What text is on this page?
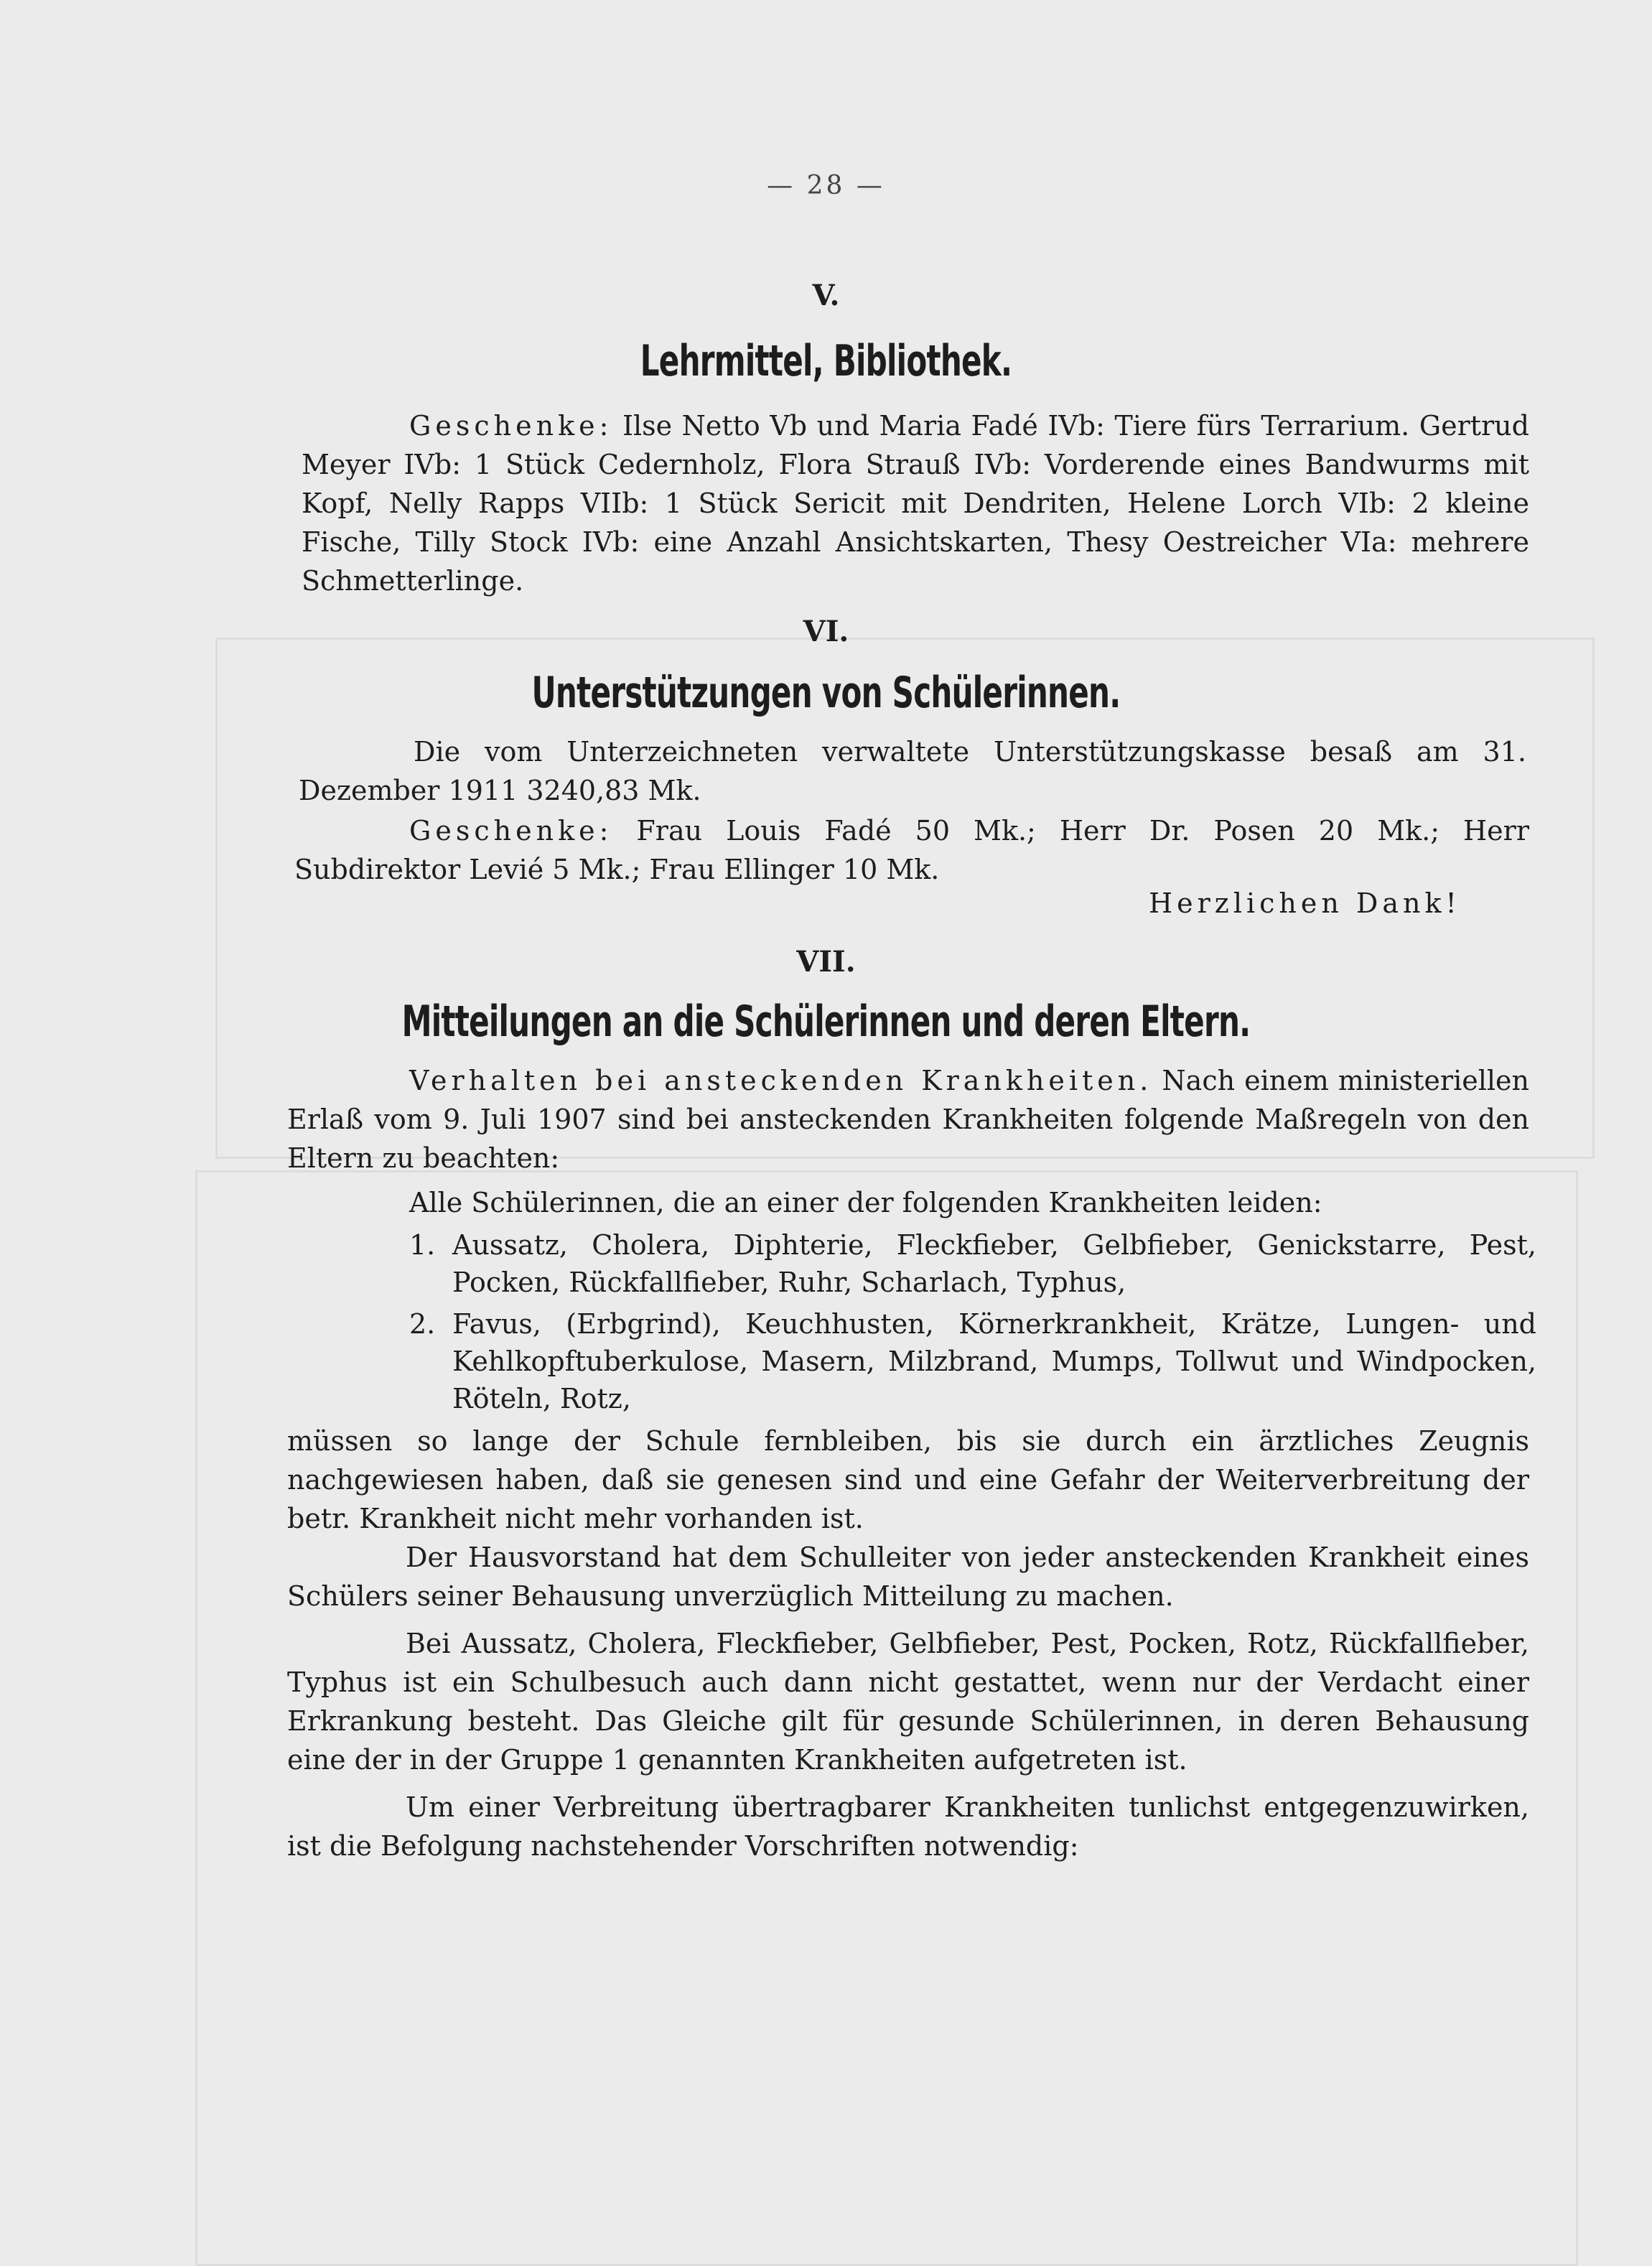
— 28 —
V.
Lehrmittel, Bibliothek.
Geschenke: Ilse Netto Vb und Maria Fadé IVb: Tiere fürs Terrarium. Gertrud Meyer IVb: 1 Stück Cedernholz, Flora Strauß IVb: Vorderende eines Bandwurms mit Kopf, Nelly Rapps VIIb: 1 Stück Sericit mit Dendriten, Helene Lorch VIb: 2 kleine Fische, Tilly Stock IVb: eine Anzahl Ansichtskarten, Thesy Oestreicher VIa: mehrere Schmetterlinge.
VI.
Unterstützungen von Schülerinnen.
Die vom Unterzeichneten verwaltete Unterstützungskasse besaß am 31. Dezember 1911 3240,83 Mk.
Geschenke: Frau Louis Fadé 50 Mk.; Herr Dr. Posen 20 Mk.; Herr Subdirektor Levié 5 Mk.; Frau Ellinger 10 Mk.
Herzlichen Dank!
VII.
Mitteilungen an die Schülerinnen und deren Eltern.
Verhalten bei ansteckenden Krankheiten. Nach einem ministeriellen Erlaß vom 9. Juli 1907 sind bei ansteckenden Krankheiten folgende Maßregeln von den Eltern zu beachten:
Alle Schülerinnen, die an einer der folgenden Krankheiten leiden:
1. Aussatz, Cholera, Diphterie, Fleckfieber, Gelbfieber, Genickstarre, Pest, Pocken, Rückfallfieber, Ruhr, Scharlach, Typhus,
2. Favus, (Erbgrind), Keuchhusten, Körnerkrankheit, Krätze, Lungen- und Kehlkopftuberkulose, Masern, Milzbrand, Mumps, Tollwut und Windpocken, Röteln, Rotz,
müssen so lange der Schule fernbleiben, bis sie durch ein ärztliches Zeugnis nachgewiesen haben, daß sie genesen sind und eine Gefahr der Weiterverbreitung der betr. Krankheit nicht mehr vorhanden ist.
Der Hausvorstand hat dem Schulleiter von jeder ansteckenden Krankheit eines Schülers seiner Behausung unverzüglich Mitteilung zu machen.
Bei Aussatz, Cholera, Fleckfieber, Gelbfieber, Pest, Pocken, Rotz, Rückfallfieber, Typhus ist ein Schulbesuch auch dann nicht gestattet, wenn nur der Verdacht einer Erkrankung besteht. Das Gleiche gilt für gesunde Schülerinnen, in deren Behausung eine der in der Gruppe 1 genannten Krankheiten aufgetreten ist.
Um einer Verbreitung übertragbarer Krankheiten tunlichst entgegenzuwirken, ist die Befolgung nachstehender Vorschriften notwendig:
